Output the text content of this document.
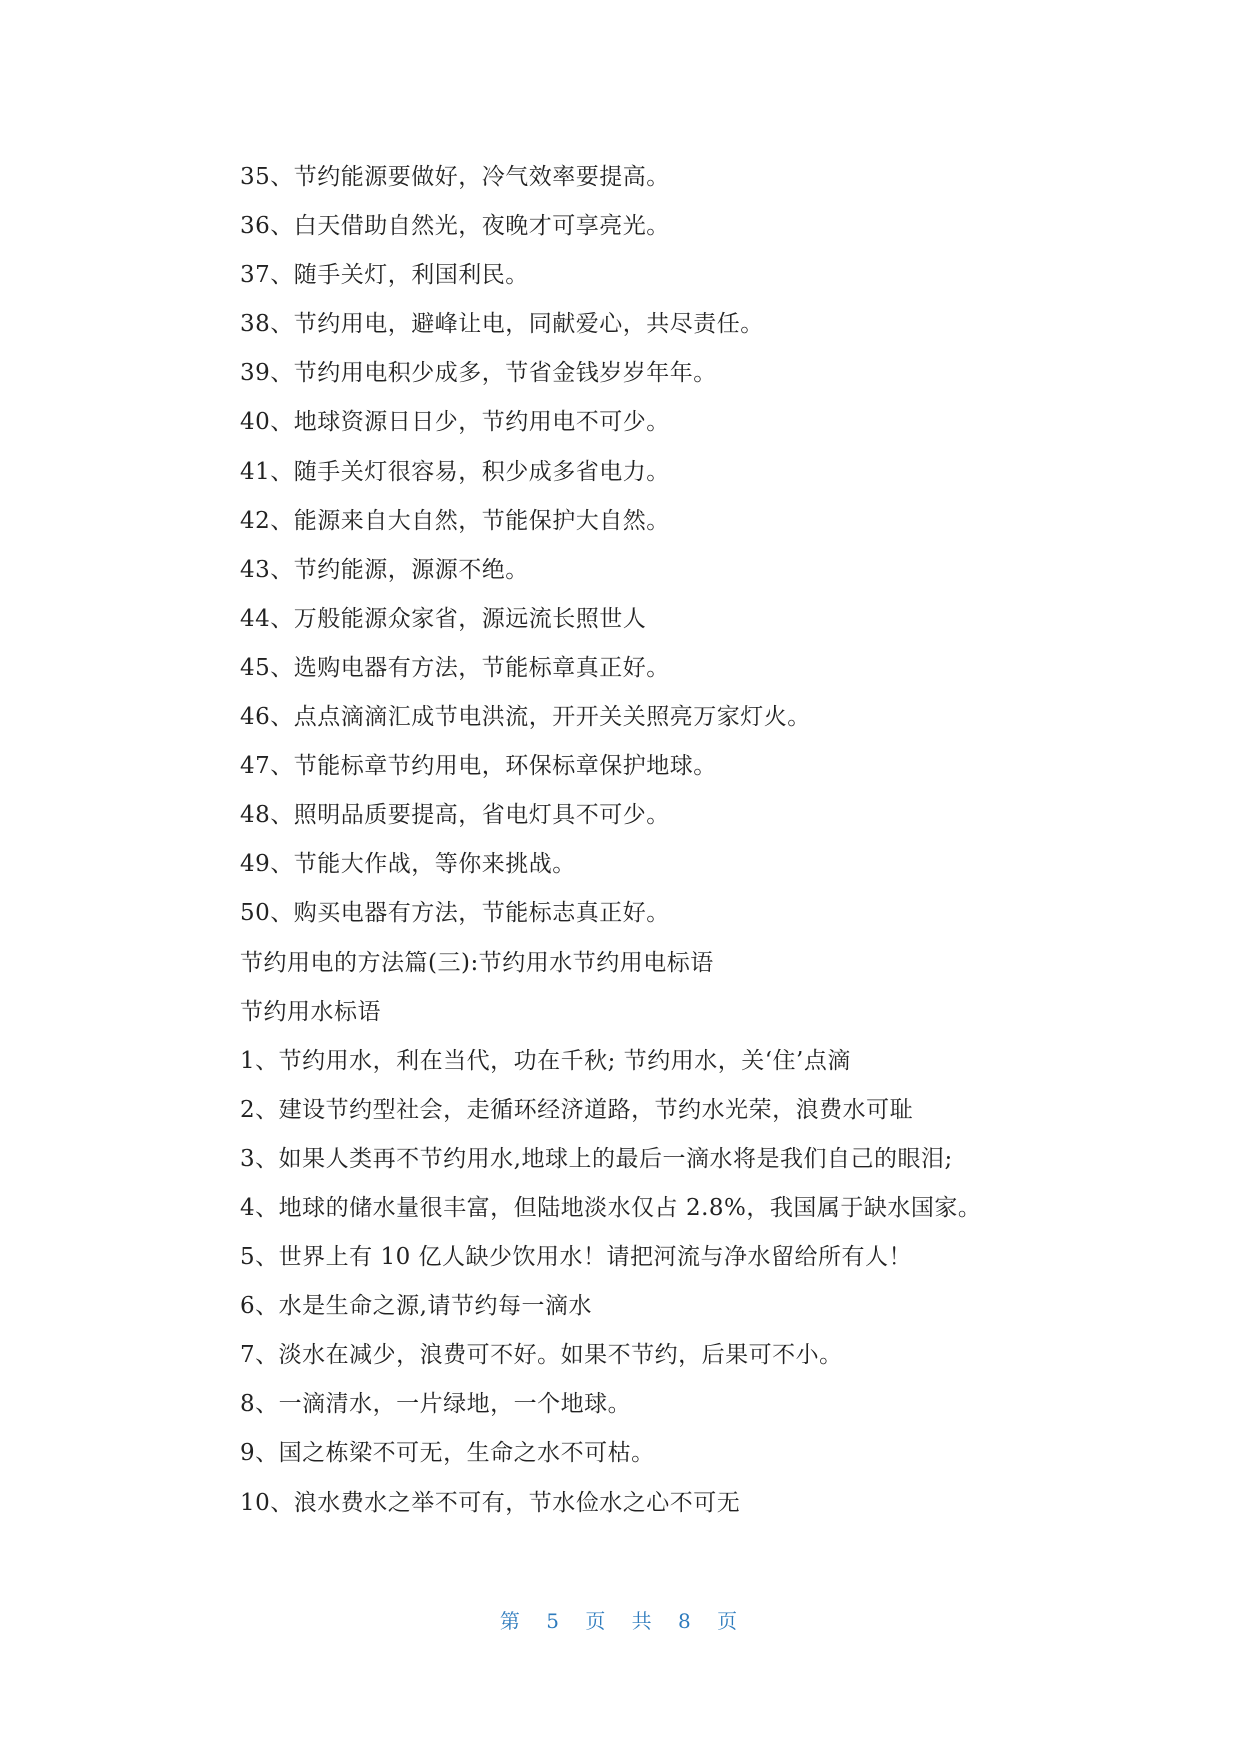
35、节约能源要做好，冷气效率要提高。
36、白天借助自然光，夜晚才可享亮光。
37、随手关灯，利国利民。
38、节约用电，避峰让电，同献爱心，共尽责任。
39、节约用电积少成多，节省金钱岁岁年年。
40、地球资源日日少，节约用电不可少。
41、随手关灯很容易，积少成多省电力。
42、能源来自大自然，节能保护大自然。
43、节约能源，源源不绝。
44、万般能源众家省，源远流长照世人
45、选购电器有方法，节能标章真正好。
46、点点滴滴汇成节电洪流，开开关关照亮万家灯火。
47、节能标章节约用电，环保标章保护地球。
48、照明品质要提高，省电灯具不可少。
49、节能大作战，等你来挑战。
50、购买电器有方法，节能标志真正好。
节约用电的方法篇(三):节约用水节约用电标语
节约用水标语
1、节约用水，利在当代，功在千秋; 节约用水，关‘住’点滴
2、建设节约型社会，走循环经济道路，节约水光荣，浪费水可耻
3、如果人类再不节约用水,地球上的最后一滴水将是我们自己的眼泪;
4、地球的储水量很丰富，但陆地淡水仅占 2.8%，我国属于缺水国家。
5、世界上有 10 亿人缺少饮用水！请把河流与净水留给所有人！
6、水是生命之源,请节约每一滴水
7、淡水在减少，浪费可不好。如果不节约，后果可不小。
8、一滴清水，一片绿地，一个地球。
9、国之栋梁不可无，生命之水不可枯。
10、浪水费水之举不可有，节水俭水之心不可无
第 5 页 共 8 页
